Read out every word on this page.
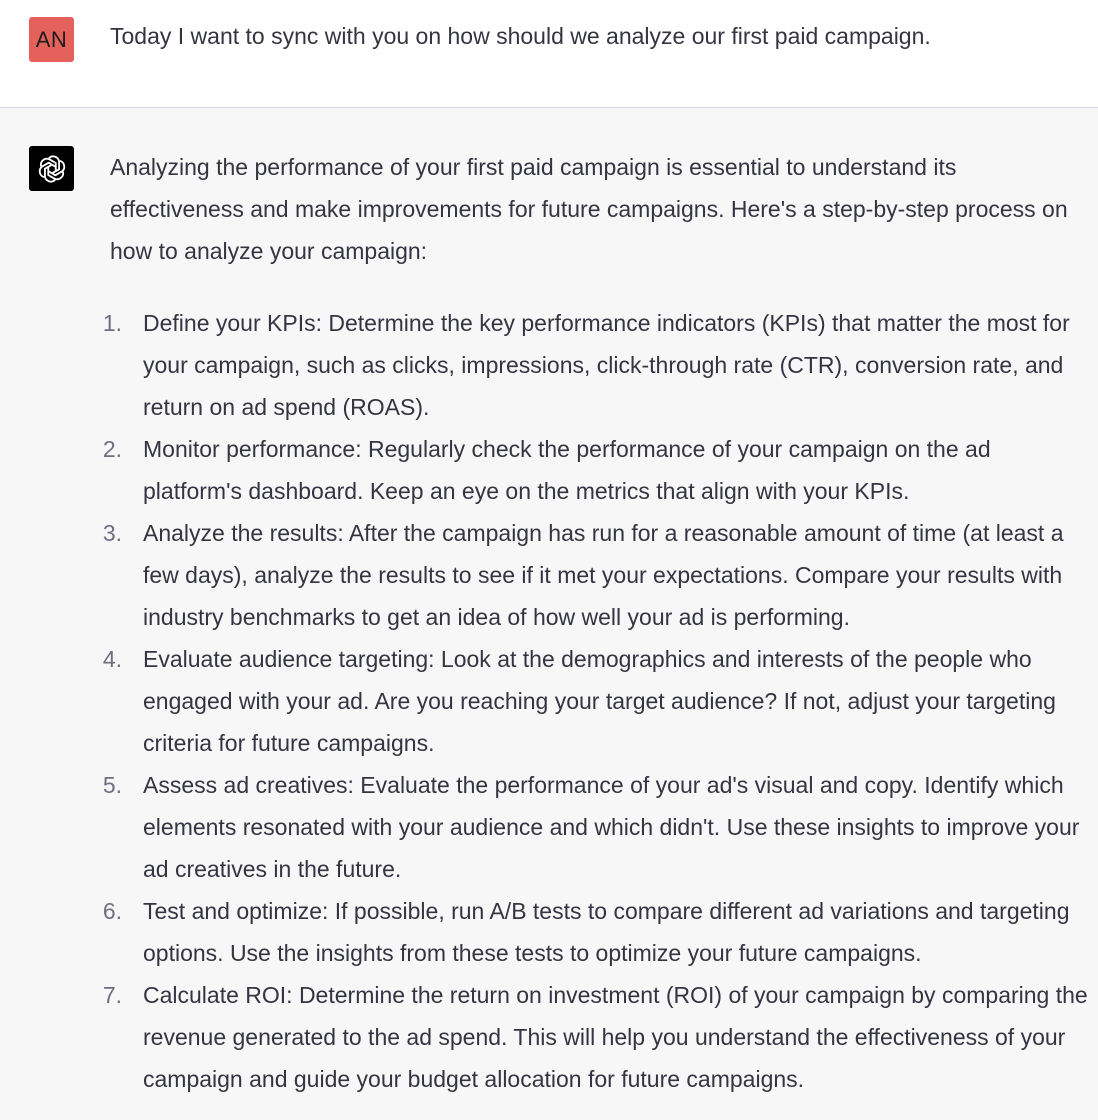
AN Today I want to sync with you on how should we analyze our first paid campaign.

Analyzing the performance of your first paid campaign is essential to understand its effectiveness and make improvements for future campaigns. Here's a step-by-step process on how to analyze your campaign:

1. Define your KPIs: Determine the key performance indicators (KPIs) that matter the most for your campaign, such as clicks, impressions, click-through rate (CTR), conversion rate, and return on ad spend (ROAS).
2. Monitor performance: Regularly check the performance of your campaign on the ad platform's dashboard. Keep an eye on the metrics that align with your KPIs.
3. Analyze the results: After the campaign has run for a reasonable amount of time (at least a few days), analyze the results to see if it met your expectations. Compare your results with industry benchmarks to get an idea of how well your ad is performing.
4. Evaluate audience targeting: Look at the demographics and interests of the people who engaged with your ad. Are you reaching your target audience? If not, adjust your targeting criteria for future campaigns.
5. Assess ad creatives: Evaluate the performance of your ad's visual and copy. Identify which elements resonated with your audience and which didn't. Use these insights to improve your ad creatives in the future.
6. Test and optimize: If possible, run A/B tests to compare different ad variations and targeting options. Use the insights from these tests to optimize your future campaigns.
7. Calculate ROI: Determine the return on investment (ROI) of your campaign by comparing the revenue generated to the ad spend. This will help you understand the effectiveness of your campaign and guide your budget allocation for future campaigns.
